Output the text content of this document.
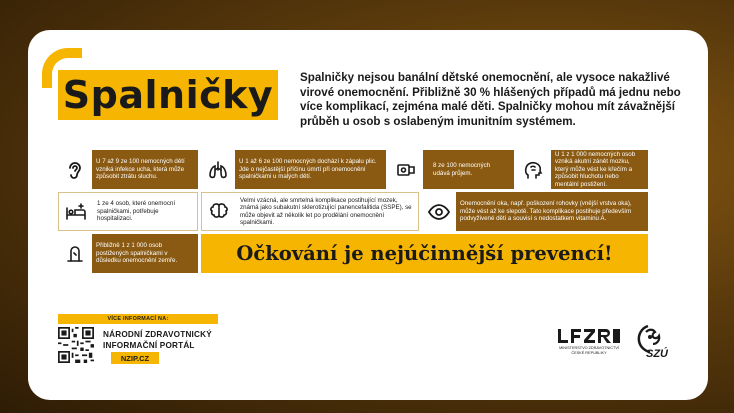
Spalničky Spalničky nejsou banální dětské onemocnění, ale vysoce nakažlivé virové onemocnění. Přibližně 30 % hlášených případů má jednu nebo více komplikací, zejména malé děti. Spalničky mohou mít závažnější průběh u osob s oslabeným imunitním systémem.
U 7 až 9 ze 100 nemocných dětí vzniká infekce ucha, která může způsobit ztrátu sluchu.
U 1 až 6 ze 100 nemocných dochází k zápalu plic. Jde o nejčastější příčinu úmrtí při onemocnění spalničkami u malých dětí.
8 ze 100 nemocných udává průjem.
U 1 z 1 000 nemocných osob vzniká akutní zánět mozku, který může vést ke křečím a způsobit hluchotu nebo mentální postižení.
1 ze 4 osob, které onemocní spalničkami, potřebuje hospitalizaci.
Velmi vzácná, ale smrtelná komplikace postihující mozek, známá jako subakutní sklerotizující panencefalitida (SSPE), se může objevit až několik let po prodělání onemocnění spalničkami.
Onemocnění oka, např. poškození rohovky (vnější vrstva oka), může vést až ke slepotě. Tato komplikace postihuje především podvyživené děti a souvisí s nedostatkem vitaminu A.
Přibližně 1 z 1 000 osob postižených spalničkami v důsledku onemocnění zemře.	Očkování je nejúčinnější prevencí!
VÍCE INFORMACÍ NA:
NÁRODNÍ ZDRAVOTNICKÝ
INFORMAČNÍ PORTÁL
NZIP.CZ
MINISTERSTVO ZDRAVOTNICTVÍ
ČESKÉ REPUBLIKY	SZÚ
